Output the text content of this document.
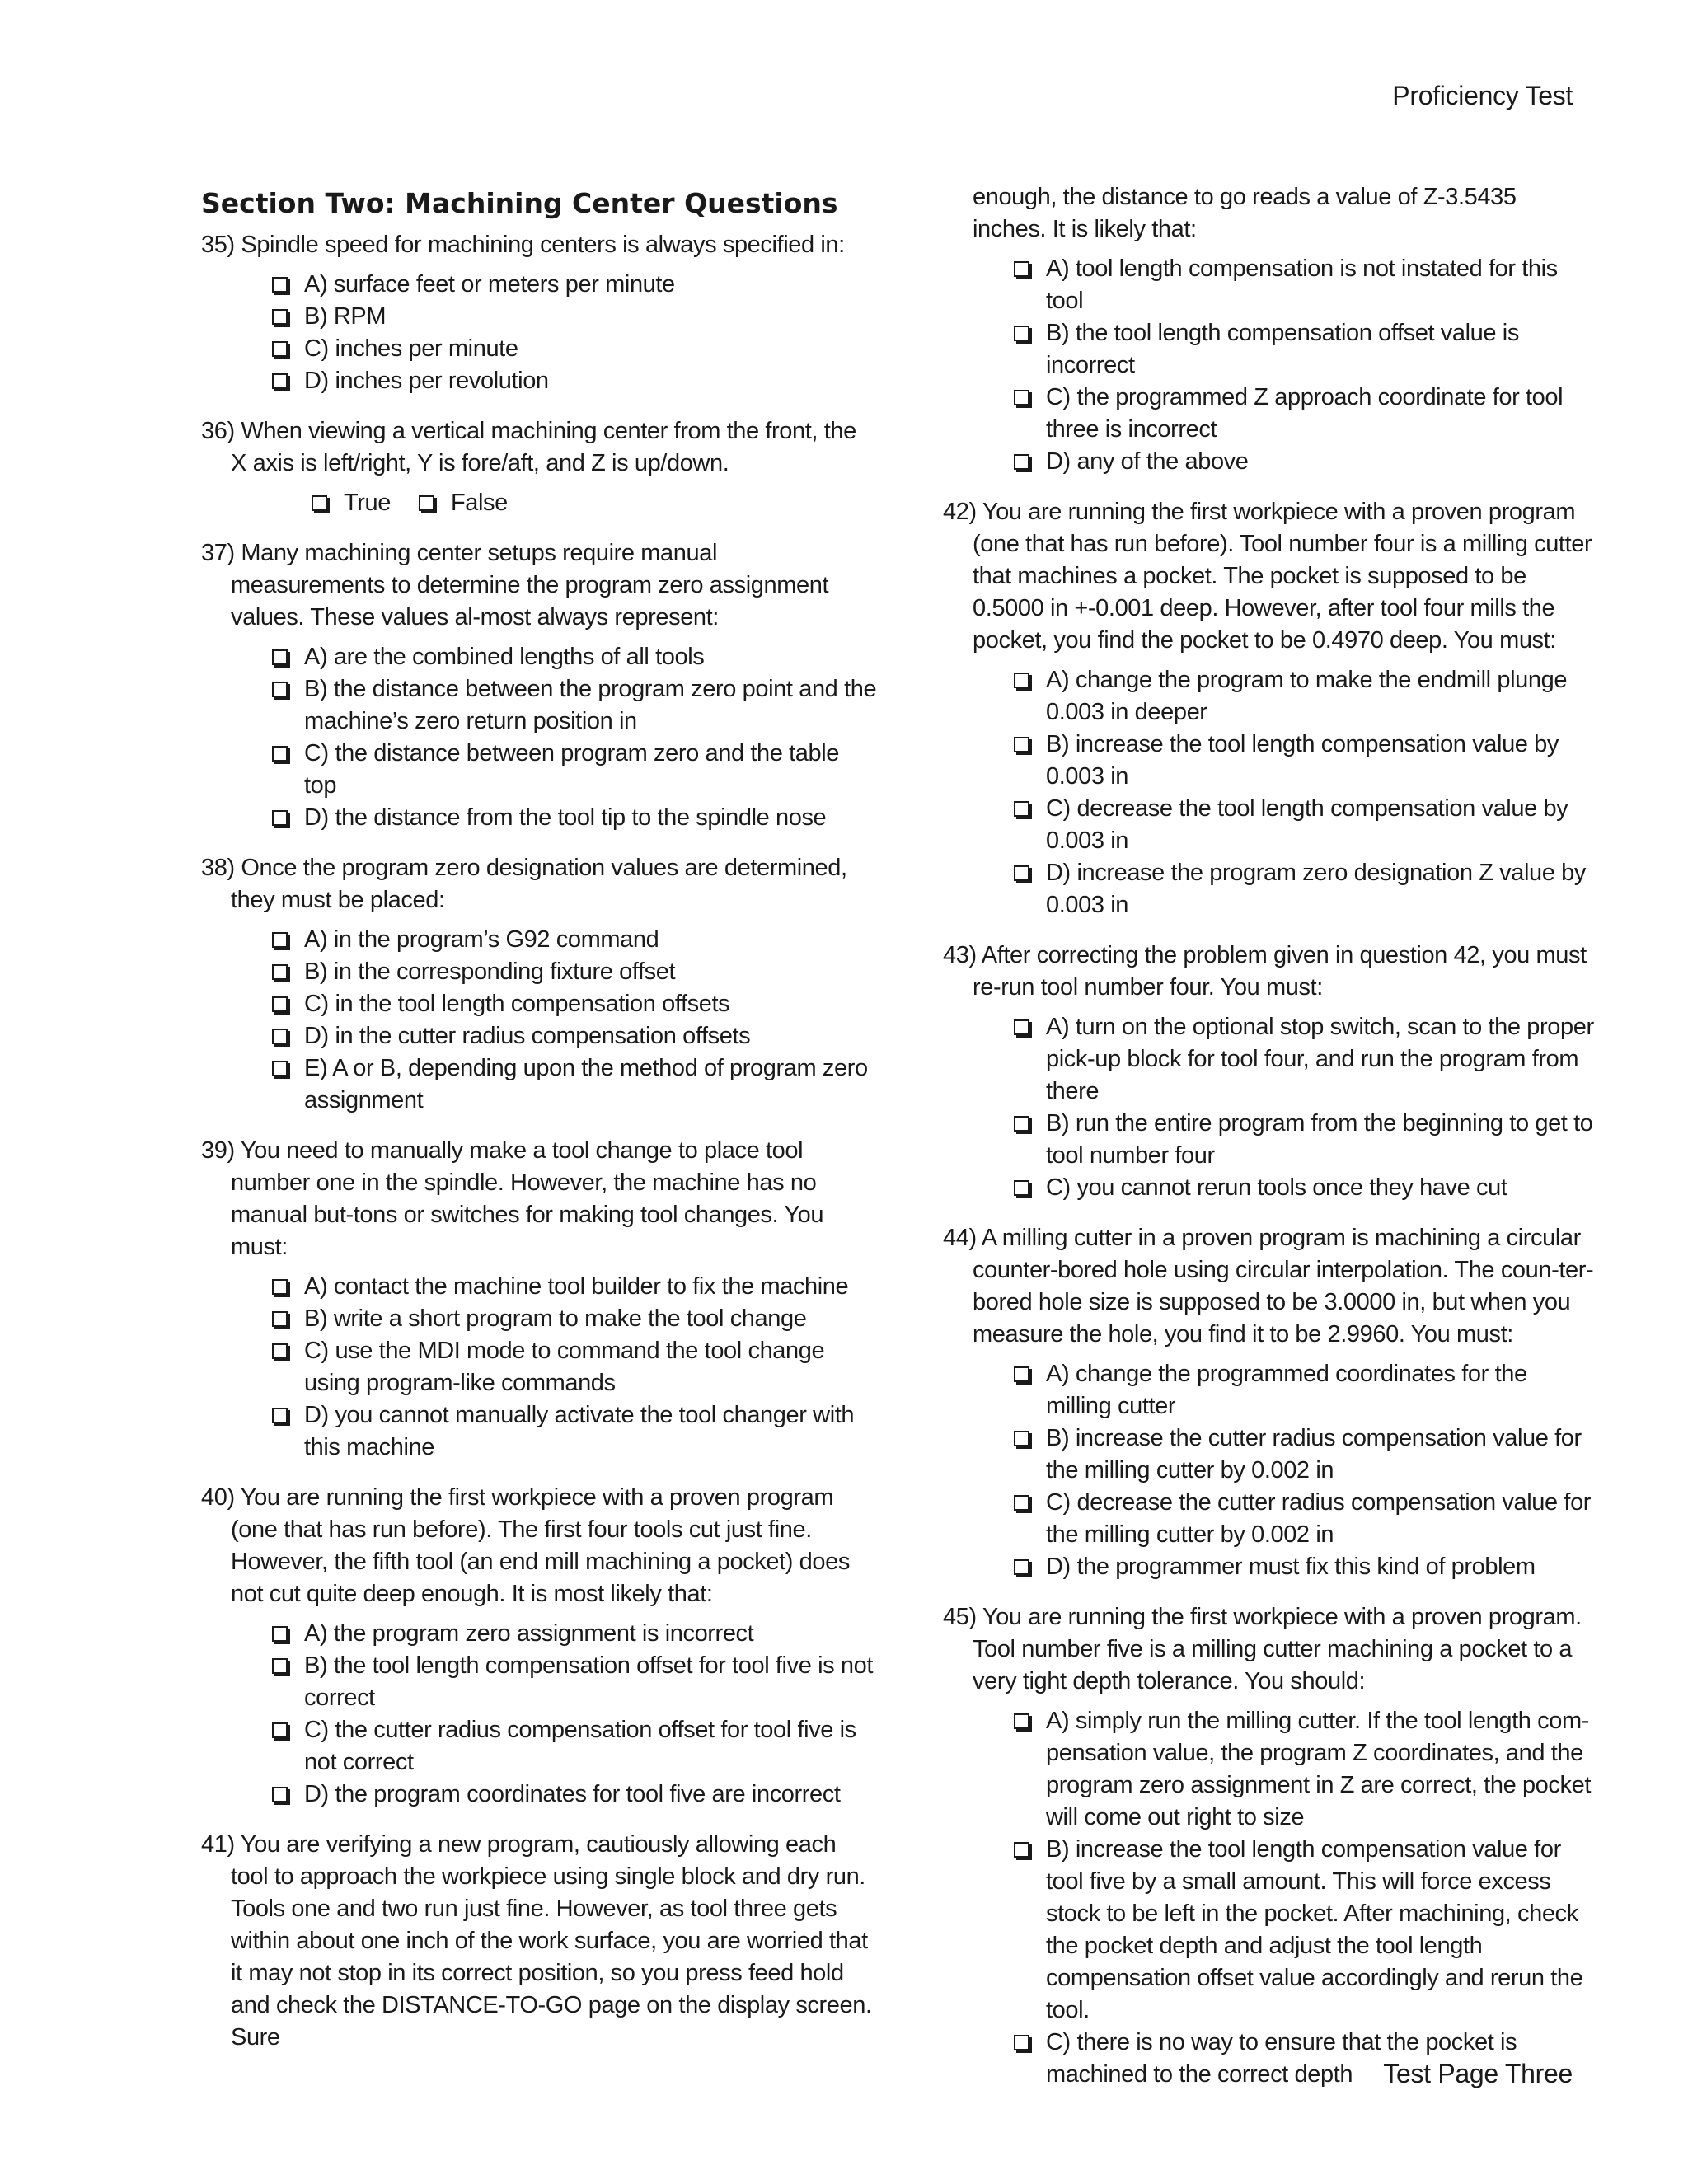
Proficiency Test
Section Two: Machining Center Questions
35) Spindle speed for machining centers is always specified in:
A) surface feet or meters per minute
B) RPM
C) inches per minute
D) inches per revolution
36) When viewing a vertical machining center from the front, the X axis is left/right, Y is fore/aft, and Z is up/down.
True	False
37) Many machining center setups require manual measurements to determine the program zero assignment values. These values al-most always represent:
A) are the combined lengths of all tools
B) the distance between the program zero point and the machine’s zero return position in
C) the distance between program zero and the table top
D) the distance from the tool tip to the spindle nose
38) Once the program zero designation values are determined, they must be placed:
A) in the program’s G92 command
B) in the corresponding fixture offset
C) in the tool length compensation offsets
D) in the cutter radius compensation offsets
E) A or B, depending upon the method of program zero assignment
39) You need to manually make a tool change to place tool number one in the spindle. However, the machine has no manual but-tons or switches for making tool changes. You must:
A) contact the machine tool builder to fix the machine
B) write a short program to make the tool change
C) use the MDI mode to command the tool change using program-like commands
D) you cannot manually activate the tool changer with this machine
40) You are running the first workpiece with a proven program (one that has run before). The first four tools cut just fine. However, the fifth tool (an end mill machining a pocket) does not cut quite deep enough. It is most likely that:
A) the program zero assignment is incorrect
B) the tool length compensation offset for tool five is not correct
C) the cutter radius compensation offset for tool five is not correct
D) the program coordinates for tool five are incorrect
41) You are verifying a new program, cautiously allowing each tool to approach the workpiece using single block and dry run. Tools one and two run just fine. However, as tool three gets within about one inch of the work surface, you are worried that it may not stop in its correct position, so you press feed hold and check the DISTANCE-TO-GO page on the display screen. Sure
enough, the distance to go reads a value of Z-3.5435 inches. It is likely that:
A) tool length compensation is not instated for this tool
B) the tool length compensation offset value is incorrect
C) the programmed Z approach coordinate for tool three is incorrect
D) any of the above
42) You are running the first workpiece with a proven program (one that has run before). Tool number four is a milling cutter that machines a pocket. The pocket is supposed to be 0.5000 in +-0.001 deep. However, after tool four mills the pocket, you find the pocket to be 0.4970 deep. You must:
A) change the program to make the endmill plunge 0.003 in deeper
B) increase the tool length compensation value by 0.003 in
C) decrease the tool length compensation value by 0.003 in
D) increase the program zero designation Z value by 0.003 in
43) After correcting the problem given in question 42, you must re-run tool number four. You must:
A) turn on the optional stop switch, scan to the proper pick-up block for tool four, and run the program from there
B) run the entire program from the beginning to get to tool number four
C) you cannot rerun tools once they have cut
44) A milling cutter in a proven program is machining a circular counter-bored hole using circular interpolation. The coun-ter-bored hole size is supposed to be 3.0000 in, but when you measure the hole, you find it to be 2.9960. You must:
A) change the programmed coordinates for the milling cutter
B) increase the cutter radius compensation value for the milling cutter by 0.002 in
C) decrease the cutter radius compensation value for the milling cutter by 0.002 in
D) the programmer must fix this kind of problem
45) You are running the first workpiece with a proven program. Tool number five is a milling cutter machining a pocket to a very tight depth tolerance. You should:
A) simply run the milling cutter. If the tool length com-pensation value, the program Z coordinates, and the program zero assignment in Z are correct, the pocket will come out right to size
B) increase the tool length compensation value for tool five by a small amount. This will force excess stock to be left in the pocket. After machining, check the pocket depth and adjust the tool length compensation offset value accordingly and rerun the tool.
C) there is no way to ensure that the pocket is machined to the correct depth	Test Page Three
